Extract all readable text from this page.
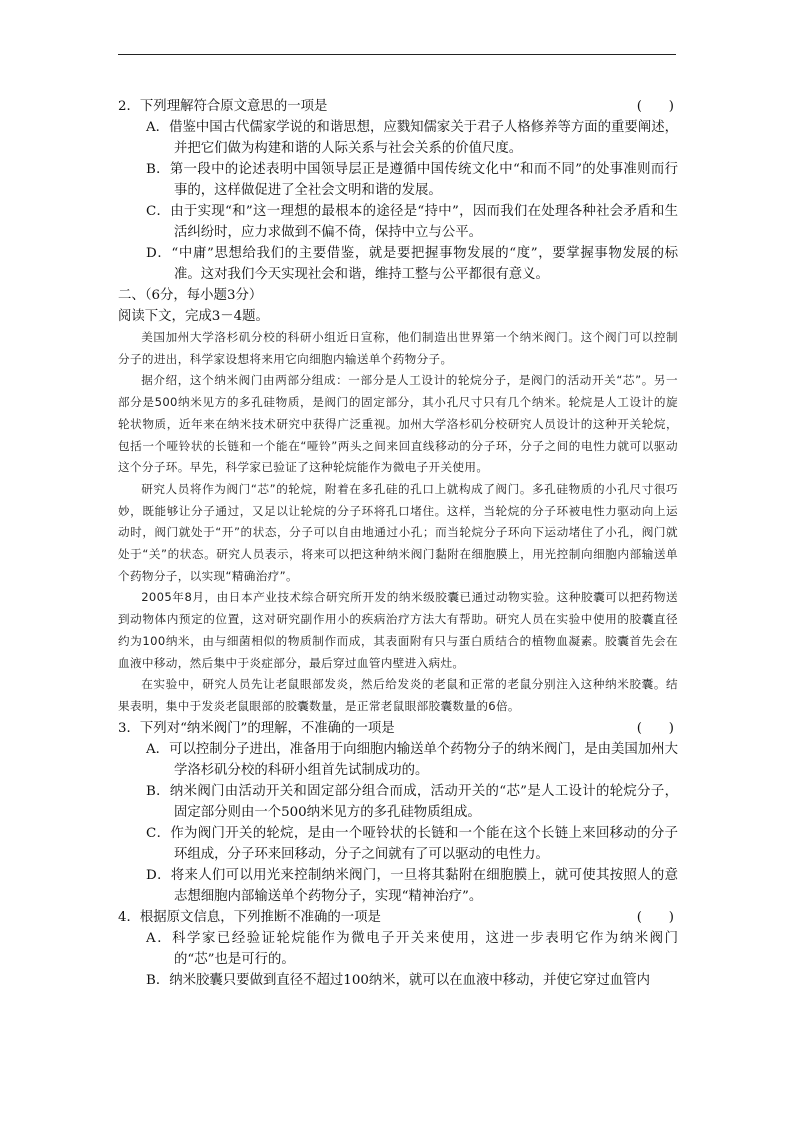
2．下列理解符合原文意思的一项是	(　　)
A．借鉴中国古代儒家学说的和谐思想，应戮知儒家关于君子人格修养等方面的重要阐述，并把它们做为构建和谐的人际关系与社会关系的价值尺度。
B．第一段中的论述表明中国领导层正是遵循中国传统文化中“和而不同”的处事准则而行事的，这样做促进了全社会文明和谐的发展。
C．由于实现“和”这一理想的最根本的途径是“持中”，因而我们在处理各种社会矛盾和生活纠纷时，应力求做到不偏不倚，保持中立与公平。
D．“中庸”思想给我们的主要借鉴，就是要把握事物发展的“度”，要掌握事物发展的标准。这对我们今天实现社会和谐，维持工整与公平都很有意义。
二、（6分，每小题3分）
阅读下文，完成3－4题。
美国加州大学洛杉矶分校的科研小组近日宣称，他们制造出世界第一个纳米阀门。这个阀门可以控制分子的进出，科学家设想将来用它向细胞内输送单个药物分子。
据介绍，这个纳米阀门由两部分组成：一部分是人工设计的轮烷分子，是阀门的活动开关“芯”。另一部分是500纳米见方的多孔硅物质，是阀门的固定部分，其小孔尺寸只有几个纳米。轮烷是人工设计的旋轮状物质，近年来在纳米技术研究中获得广泛重视。加州大学洛杉矶分校研究人员设计的这种开关轮烷，包括一个哑铃状的长链和一个能在“哑铃”两头之间来回直线移动的分子环，分子之间的电性力就可以驱动这个分子环。早先，科学家已验证了这种轮烷能作为微电子开关使用。
研究人员将作为阀门“芯”的轮烷，附着在多孔硅的孔口上就构成了阀门。多孔硅物质的小孔尺寸很巧妙，既能够让分子通过，又足以让轮烷的分子环将孔口堵住。这样，当轮烷的分子环被电性力驱动向上运动时，阀门就处于“开”的状态，分子可以自由地通过小孔；而当轮烷分子环向下运动堵住了小孔，阀门就处于“关”的状态。研究人员表示，将来可以把这种纳米阀门黏附在细胞膜上，用光控制向细胞内部输送单个药物分子，以实现“精确治疗”。
2005年8月，由日本产业技术综合研究所开发的纳米级胶囊已通过动物实验。这种胶囊可以把药物送到动物体内预定的位置，这对研究副作用小的疾病治疗方法大有帮助。研究人员在实验中使用的胶囊直径约为100纳米，由与细菌相似的物质制作而成，其表面附有只与蛋白质结合的植物血凝素。胶囊首先会在血液中移动，然后集中于炎症部分，最后穿过血管内壁进入病灶。
在实验中，研究人员先让老鼠眼部发炎，然后给发炎的老鼠和正常的老鼠分别注入这种纳米胶囊。结果表明，集中于发炎老鼠眼部的胶囊数量，是正常老鼠眼部胶囊数量的6倍。
3．下列对“纳米阀门”的理解，不准确的一项是	(　　)
A．可以控制分子进出，准备用于向细胞内输送单个药物分子的纳米阀门，是由美国加州大学洛杉矶分校的科研小组首先试制成功的。
B．纳米阀门由活动开关和固定部分组合而成，活动开关的“芯”是人工设计的轮烷分子，固定部分则由一个500纳米见方的多孔硅物质组成。
C．作为阀门开关的轮烷，是由一个哑铃状的长链和一个能在这个长链上来回移动的分子环组成，分子环来回移动，分子之间就有了可以驱动的电性力。
D．将来人们可以用光来控制纳米阀门，一旦将其黏附在细胞膜上，就可使其按照人的意志想细胞内部输送单个药物分子，实现“精神治疗”。
4．根据原文信息，下列推断不准确的一项是	(　　)
A．科学家已经验证轮烷能作为微电子开关来使用，这进一步表明它作为纳米阀门的“芯”也是可行的。
B．纳米胶囊只要做到直径不超过100纳米，就可以在血液中移动，并使它穿过血管内
